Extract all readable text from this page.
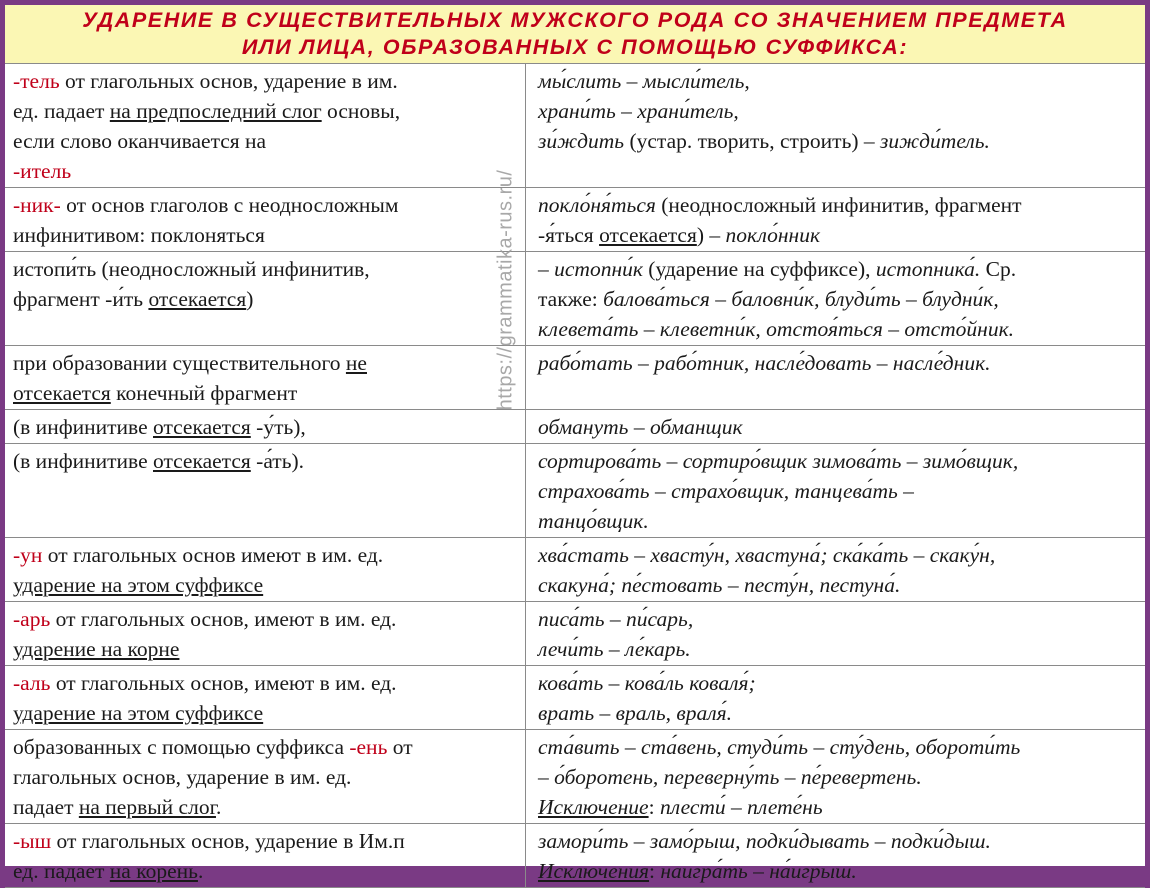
УДАРЕНИЕ В СУЩЕСТВИТЕЛЬНЫХ МУЖСКОГО РОДА СО ЗНАЧЕНИЕМ ПРЕДМЕТА
ИЛИ ЛИЦА, ОБРАЗОВАННЫХ С ПОМОЩЬЮ СУФФИКСА:
-тель от глагольных основ, ударение в им.
ед. падает на предпоследний слог основы,
если слово оканчивается на
-итель	мы́слить – мысли́тель,
храни́ть – храни́тель,
зи́ждить (устар. творить, строить) – зижди́тель.

-ник- от основ глаголов с неодносложным
инфинитивом: поклоняться	покло́ня́ться (неодносложный инфинитив, фрагмент
-я́ться отсекается) – покло́нник

истопи́ть (неодносложный инфинитив,
фрагмент -и́ть отсекается)	– истопни́к (ударение на суффиксе), истопника́. Ср.
также: балова́ться – баловни́к, блуди́ть – блудни́к,
клевета́ть – клеветни́к, отстоя́ться – отсто́йник.

при образовании существительного не
отсекается конечный фрагмент	рабо́тать – рабо́тник, насле́довать – насле́дник.

(в инфинитиве отсекается -у́ть),	обмануть – обманщик

(в инфинитиве отсекается -а́ть).	сортирова́ть – сортиро́вщик зимова́ть – зимо́вщик,
страхова́ть – страхо́вщик, танцева́ть –
танцо́вщик.

-ун от глагольных основ имеют в им. ед.
ударение на этом суффиксе	хва́стать – хвасту́н, хвастуна́; ска́ка́ть – скаку́н,
скакуна́; пе́стовать – песту́н, пестуна́.

-арь от глагольных основ, имеют в им. ед.
ударение на корне	писа́ть – пи́сарь,
лечи́ть – ле́карь.

-аль от глагольных основ, имеют в им. ед.
ударение на этом суффиксе	кова́ть – кова́ль коваля́;
врать – враль, враля́.

образованных с помощью суффикса -ень от
глагольных основ, ударение в им. ед.
падает на первый слог.	ста́вить – ста́вень, студи́ть – сту́день, обороти́ть
– о́боротень, переверну́ть – пе́ревертень.
Исключение: плести́ – плете́нь

-ыш от глагольных основ, ударение в Им.п
ед. падает на корень.	замори́ть – замо́рыш, подки́дывать – подки́дыш.
Исключения: наигра́ть – на́игрыш.
https://grammatika-rus.ru/
